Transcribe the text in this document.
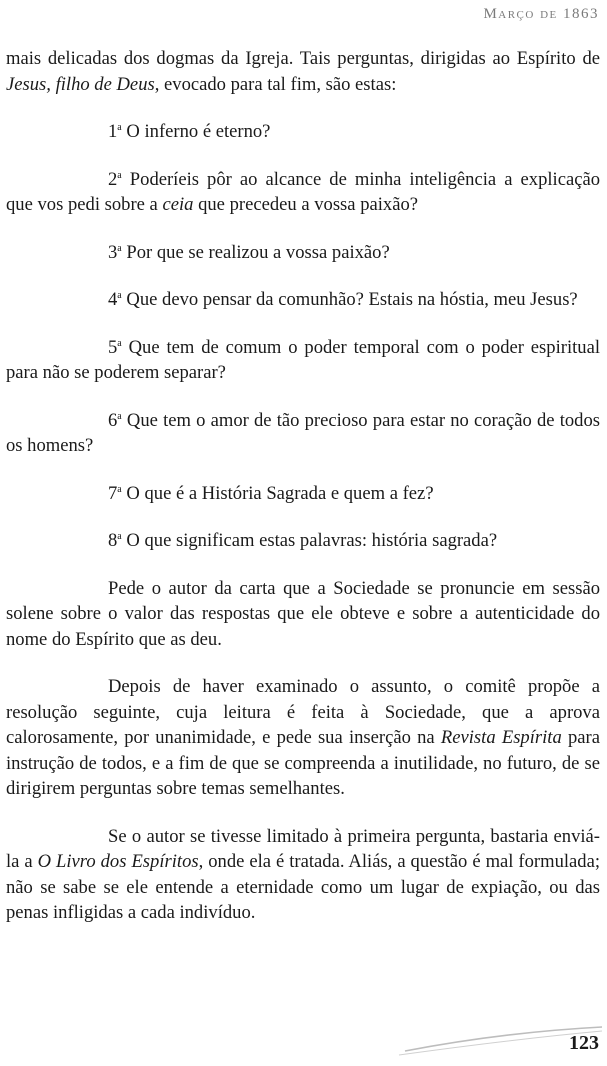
Março de 1863

mais delicadas dos dogmas da Igreja. Tais perguntas, dirigidas ao Espírito de Jesus, filho de Deus, evocado para tal fim, são estas:

1$^a$ O inferno é eterno?

2$^a$ Poderíeis pôr ao alcance de minha inteligência a explicação que vos pedi sobre a ceia que precedeu a vossa paixão?

3$^a$ Por que se realizou a vossa paixão?

4$^a$ Que devo pensar da comunhão? Estais na hóstia, meu Jesus?

5$^a$ Que tem de comum o poder temporal com o poder espiritual para não se poderem separar?

6$^a$ Que tem o amor de tão precioso para estar no coração de todos os homens?

7$^a$ O que é a História Sagrada e quem a fez?

8$^a$ O que significam estas palavras: história sagrada?

Pede o autor da carta que a Sociedade se pronuncie em sessão solene sobre o valor das respostas que ele obteve e sobre a autenticidade do nome do Espírito que as deu.

Depois de haver examinado o assunto, o comitê propõe a resolução seguinte, cuja leitura é feita à Sociedade, que a aprova calorosamente, por unanimidade, e pede sua inserção na Revista Espírita para instrução de todos, e a fim de que se compreenda a inutilidade, no futuro, de se dirigirem perguntas sobre temas semelhantes.

Se o autor se tivesse limitado à primeira pergunta, bastaria enviá-la a O Livro dos Espíritos, onde ela é tratada. Aliás, a questão é mal formulada; não se sabe se ele entende a eternidade como um lugar de expiação, ou das penas infligidas a cada indivíduo.

123
